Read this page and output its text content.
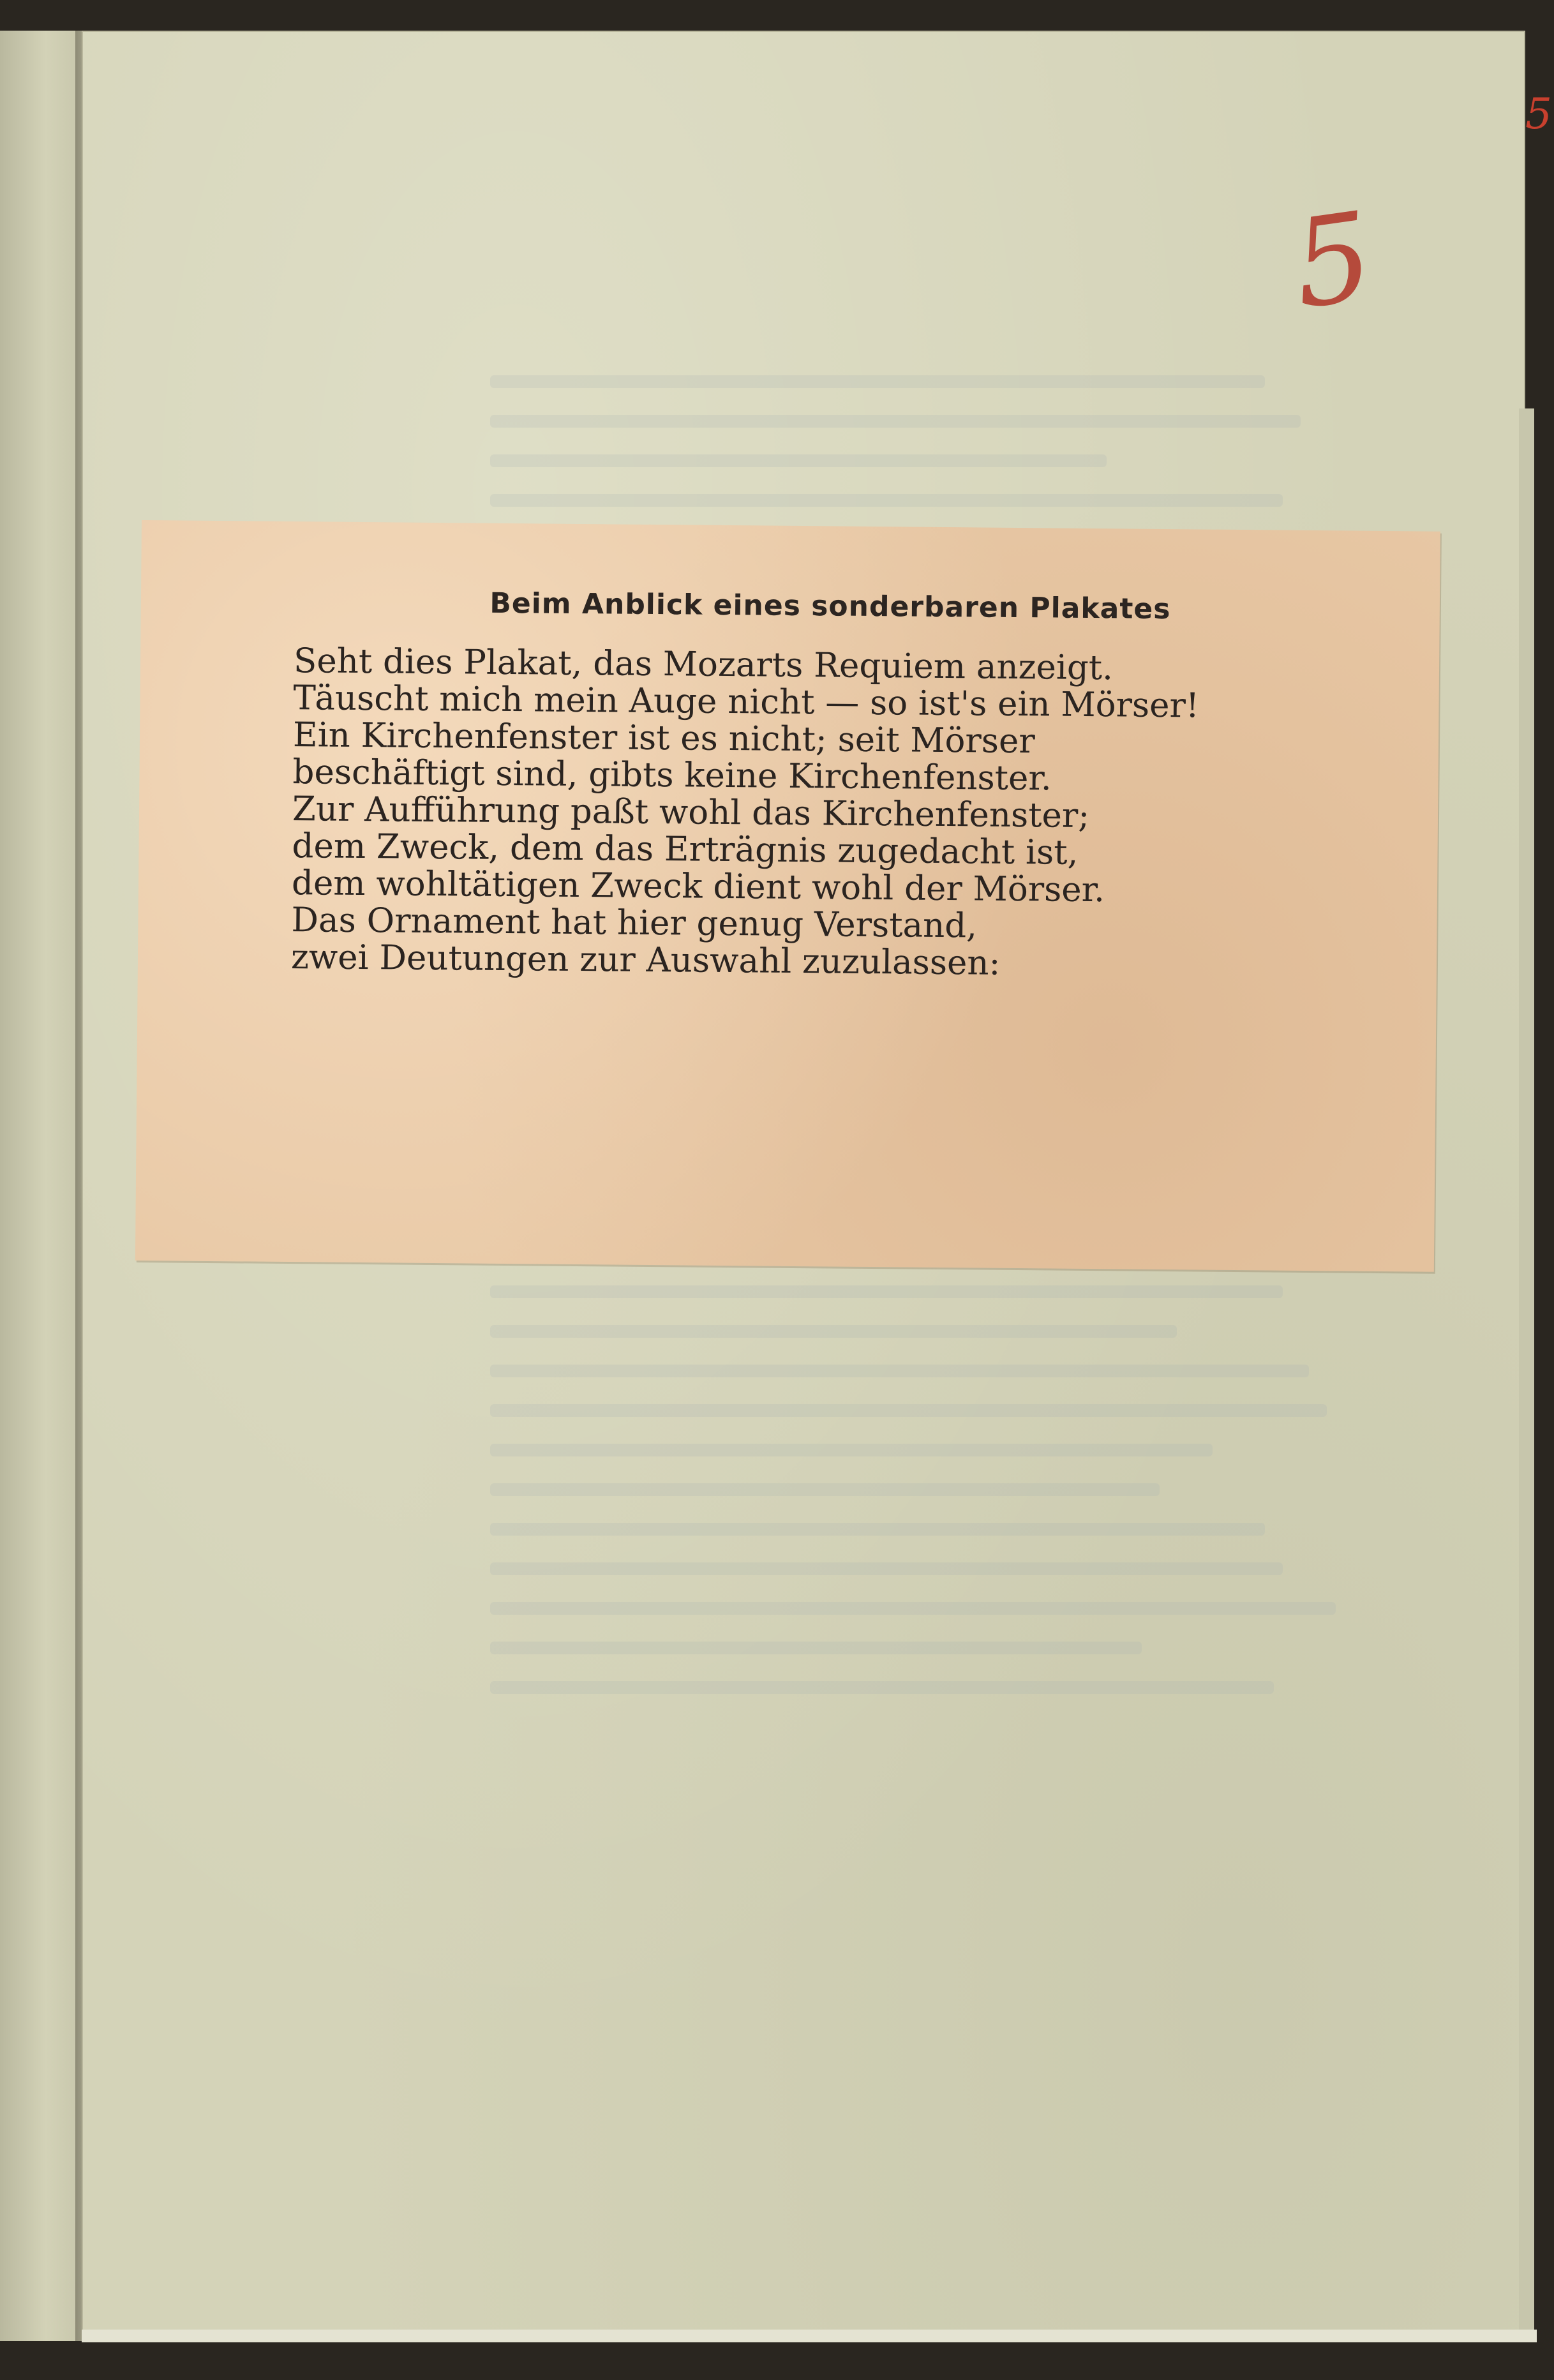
5
5
Beim Anblick eines sonderbaren Plakates
Seht dies Plakat, das Mozarts Requiem anzeigt.
Täuscht mich mein Auge nicht — so ist's ein Mörser!
Ein Kirchenfenster ist es nicht; seit Mörser
beschäftigt sind, gibts keine Kirchenfenster.
Zur Aufführung paßt wohl das Kirchenfenster;
dem Zweck, dem das Erträgnis zugedacht ist,
dem wohltätigen Zweck dient wohl der Mörser.
Das Ornament hat hier genug Verstand,
zwei Deutungen zur Auswahl zuzulassen:
